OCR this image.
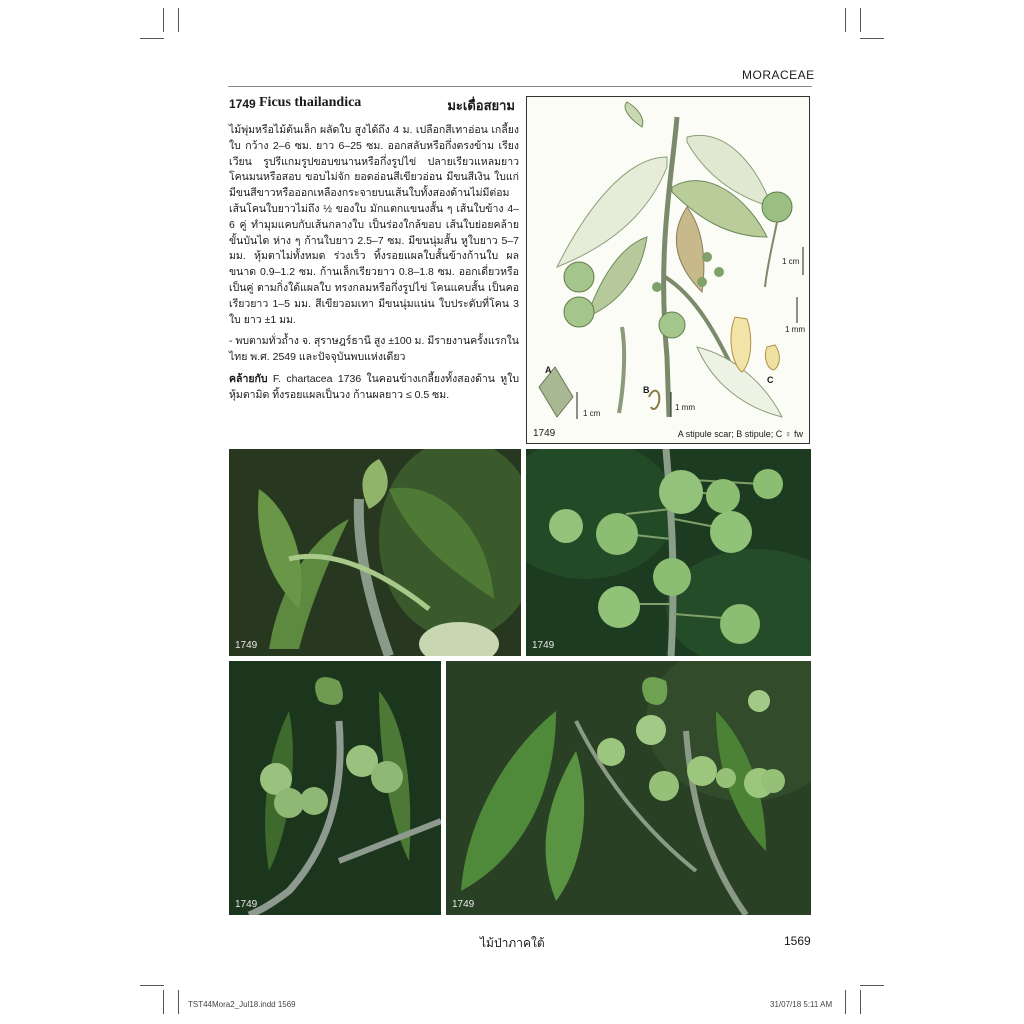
MORACEAE
1749 Ficus thailandica	มะเดื่อสยาม

ไม้พุ่มหรือไม้ต้นเล็ก ผลัดใบ สูงได้ถึง 4 ม. เปลือกสีเทาอ่อน เกลี้ยง ใบ กว้าง 2–6 ซม. ยาว 6–25 ซม. ออกสลับหรือกึ่งตรงข้าม เรียงเวียน รูปรีแกมรูปขอบขนานหรือกึ่งรูปไข่ ปลายเรียวแหลมยาว โคนมนหรือสอบ ขอบไม่จัก ยอดอ่อนสีเขียวอ่อน มีขนสีเงิน ใบแก่มีขนสีขาวหรือออกเหลืองกระจายบนเส้นใบทั้งสองด้านไม่มีต่อม เส้นโคนใบยาวไม่ถึง ½ ของใบ มักแตกแขนงสั้น ๆ เส้นใบข้าง 4–6 คู่ ทำมุมแคบกับเส้นกลางใบ เป็นร่องใกล้ขอบ เส้นใบย่อยคล้ายขั้นบันได ห่าง ๆ ก้านใบยาว 2.5–7 ซม. มีขนนุ่มสั้น หูใบยาว 5–7 มม. หุ้มตาไม่ทั้งหมด ร่วงเร็ว ทิ้งรอยแผลใบสั้นข้างก้านใบ ผล ขนาด 0.9–1.2 ซม. ก้านเล็กเรียวยาว 0.8–1.8 ซม. ออกเดี่ยวหรือเป็นคู่ ตามกิ่งใต้แผลใบ ทรงกลมหรือกึ่งรูปไข่ โคนแคบสั้น เป็นคอเรียวยาว 1–5 มม. สีเขียวอมเทา มีขนนุ่มแน่น ใบประดับที่โคน 3 ใบ ยาว ±1 มม.

- พบตามทั่วถ้ำง จ. สุราษฎร์ธานี สูง ±100 ม. มีรายงานครั้งแรกในไทย พ.ศ. 2549 และปัจจุบันพบแห่งเดียว

คล้ายกับ F. chartacea 1736 ในคอนข้างเกลี้ยงทั้งสองด้าน หูใบหุ้มตามิด ทิ้งรอยแผลเป็นวง ก้านผลยาว ≤ 0.5 ซม.

1 cm
1 mm
1 cm
1 mm
A
B
C
1749	A stipule scar; B stipule; C ♀ fw
1749	1749
1749	1749
ไม้ป่าภาคใต้	1569
TST44Mora2_Jul18.indd 1569	31/07/18 5:11 AM
